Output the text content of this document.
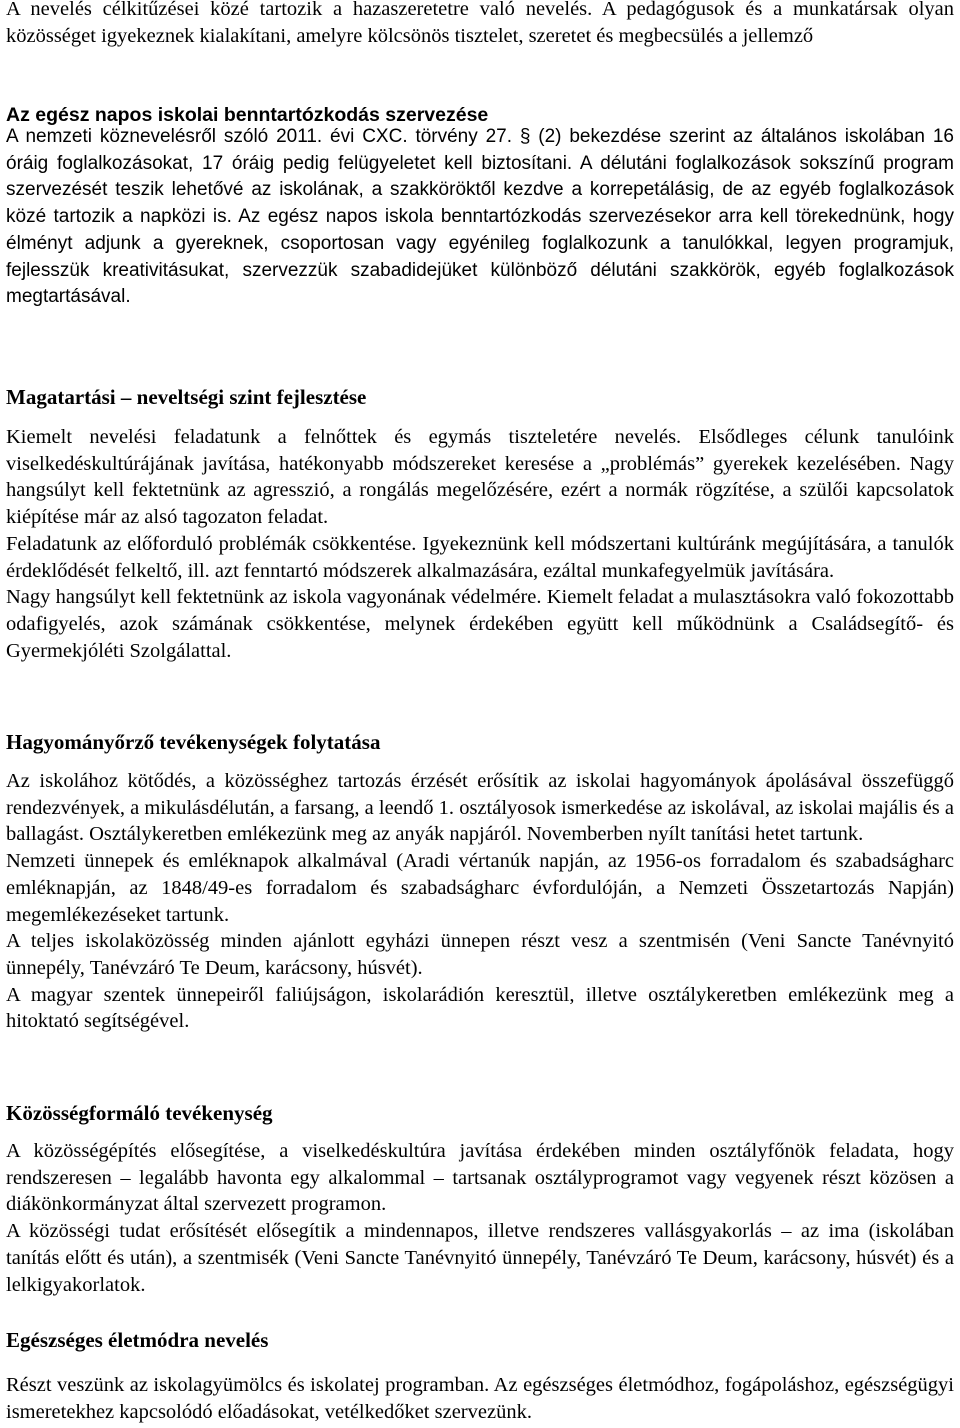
A nevelés célkitűzései közé tartozik a hazaszeretetre való nevelés. A pedagógusok és a munkatársak olyan közösséget igyekeznek kialakítani, amelyre kölcsönös tisztelet, szeretet és megbecsülés a jellemző

Az egész napos iskolai benntartózkodás szervezése

A nemzeti köznevelésről szóló 2011. évi CXC. törvény 27. § (2) bekezdése szerint az általános iskolában 16 óráig foglalkozásokat, 17 óráig pedig felügyeletet kell biztosítani. A délutáni foglalkozások sokszínű program szervezését teszik lehetővé az iskolának, a szakköröktől kezdve a korrepetálásig, de az egyéb foglalkozások közé tartozik a napközi is. Az egész napos iskola benntartózkodás szervezésekor arra kell törekednünk, hogy élményt adjunk a gyereknek, csoportosan vagy egyénileg foglalkozunk a tanulókkal, legyen programjuk, fejlesszük kreativitásukat, szervezzük szabadidejüket különböző délutáni szakkörök, egyéb foglalkozások megtartásával.

Magatartási – neveltségi szint fejlesztése

Kiemelt nevelési feladatunk a felnőttek és egymás tiszteletére nevelés. Elsődleges célunk tanulóink viselkedéskultúrájának javítása, hatékonyabb módszereket keresése a „problémás” gyerekek kezelésében. Nagy hangsúlyt kell fektetnünk az agresszió, a rongálás megelőzésére, ezért a normák rögzítése, a szülői kapcsolatok kiépítése már az alsó tagozaton feladat.

Feladatunk az előforduló problémák csökkentése. Igyekeznünk kell módszertani kultúránk megújítására, a tanulók érdeklődését felkeltő, ill. azt fenntartó módszerek alkalmazására, ezáltal munkafegyelmük javítására.

Nagy hangsúlyt kell fektetnünk az iskola vagyonának védelmére. Kiemelt feladat a mulasztásokra való fokozottabb odafigyelés, azok számának csökkentése, melynek érdekében együtt kell működnünk a Családsegítő- és Gyermekjóléti Szolgálattal.

Hagyományőrző tevékenységek folytatása

Az iskolához kötődés, a közösséghez tartozás érzését erősítik az iskolai hagyományok ápolásával összefüggő rendezvények, a mikulásdélután, a farsang, a leendő 1. osztályosok ismerkedése az iskolával, az iskolai majális és a ballagást. Osztálykeretben emlékezünk meg az anyák napjáról. Novemberben nyílt tanítási hetet tartunk.

Nemzeti ünnepek és emléknapok alkalmával (Aradi vértanúk napján, az 1956-os forradalom és szabadságharc emléknapján, az 1848/49-es forradalom és szabadságharc évfordulóján, a Nemzeti Összetartozás Napján) megemlékezéseket tartunk.

A teljes iskolaközösség minden ajánlott egyházi ünnepen részt vesz a szentmisén (Veni Sancte Tanévnyitó ünnepély, Tanévzáró Te Deum, karácsony, húsvét).

A magyar szentek ünnepeiről faliújságon, iskolarádión keresztül, illetve osztálykeretben emlékezünk meg a hitoktató segítségével.

Közösségformáló tevékenység

A közösségépítés elősegítése, a viselkedéskultúra javítása érdekében minden osztályfőnök feladata, hogy rendszeresen – legalább havonta egy alkalommal – tartsanak osztályprogramot vagy vegyenek részt közösen a diákönkormányzat által szervezett programon.

A közösségi tudat erősítését elősegítik a mindennapos, illetve rendszeres vallásgyakorlás – az ima (iskolában tanítás előtt és után), a szentmisék (Veni Sancte Tanévnyitó ünnepély, Tanévzáró Te Deum, karácsony, húsvét) és a lelkigyakorlatok.

Egészséges életmódra nevelés

Részt veszünk az iskolagyümölcs és iskolatej programban. Az egészséges életmódhoz, fogápoláshoz, egészségügyi ismeretekhez kapcsolódó előadásokat, vetélkedőket szervezünk.
